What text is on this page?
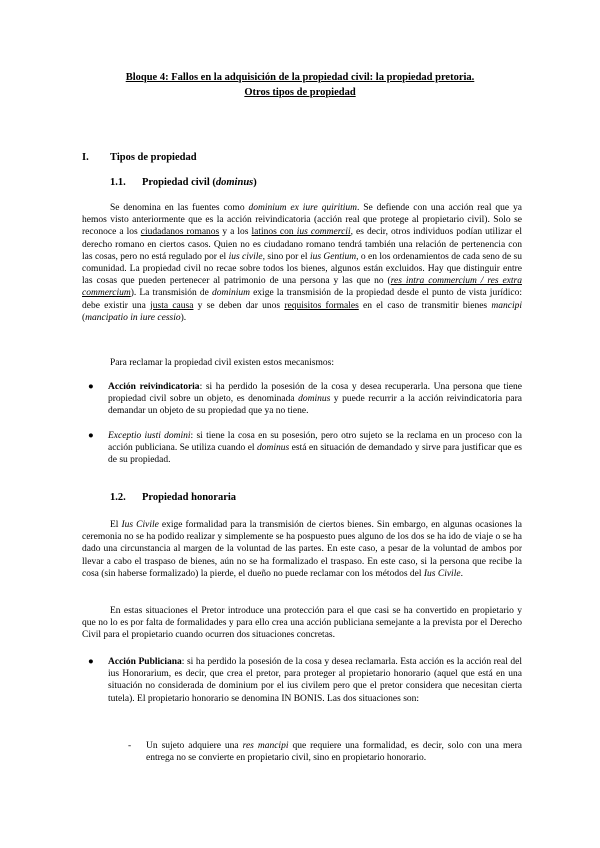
Bloque 4: Fallos en la adquisición de la propiedad civil: la propiedad pretoria.
Otros tipos de propiedad
I. Tipos de propiedad
1.1. Propiedad civil (dominus)
Se denomina en las fuentes como dominium ex iure quiritium. Se defiende con una acción real que ya hemos visto anteriormente que es la acción reivindicatoria (acción real que protege al propietario civil). Solo se reconoce a los ciudadanos romanos y a los latinos con ius commercii, es decir, otros individuos podían utilizar el derecho romano en ciertos casos. Quien no es ciudadano romano tendrá también una relación de pertenencia con las cosas, pero no está regulado por el ius civile, sino por el ius Gentium, o en los ordenamientos de cada seno de su comunidad. La propiedad civil no recae sobre todos los bienes, algunos están excluidos. Hay que distinguir entre las cosas que pueden pertenecer al patrimonio de una persona y las que no (res intra commercium / res extra commercium). La transmisión de dominium exige la transmisión de la propiedad desde el punto de vista jurídico: debe existir una justa causa y se deben dar unos requisitos formales en el caso de transmitir bienes mancipi (mancipatio in iure cessio).
Para reclamar la propiedad civil existen estos mecanismos:
● Acción reivindicatoria: si ha perdido la posesión de la cosa y desea recuperarla. Una persona que tiene propiedad civil sobre un objeto, es denominada dominus y puede recurrir a la acción reivindicatoria para demandar un objeto de su propiedad que ya no tiene.
● Exceptio iusti domini: si tiene la cosa en su posesión, pero otro sujeto se la reclama en un proceso con la acción publiciana. Se utiliza cuando el dominus está en situación de demandado y sirve para justificar que es de su propiedad.
1.2. Propiedad honoraria
El Ius Civile exige formalidad para la transmisión de ciertos bienes. Sin embargo, en algunas ocasiones la ceremonia no se ha podido realizar y simplemente se ha pospuesto pues alguno de los dos se ha ido de viaje o se ha dado una circunstancia al margen de la voluntad de las partes. En este caso, a pesar de la voluntad de ambos por llevar a cabo el traspaso de bienes, aún no se ha formalizado el traspaso. En este caso, si la persona que recibe la cosa (sin haberse formalizado) la pierde, el dueño no puede reclamar con los métodos del Ius Civile.
En estas situaciones el Pretor introduce una protección para el que casi se ha convertido en propietario y que no lo es por falta de formalidades y para ello crea una acción publiciana semejante a la prevista por el Derecho Civil para el propietario cuando ocurren dos situaciones concretas.
● Acción Publiciana: si ha perdido la posesión de la cosa y desea reclamarla. Esta acción es la acción real del ius Honorarium, es decir, que crea el pretor, para proteger al propietario honorario (aquel que está en una situación no considerada de dominium por el ius civilem pero que el pretor considera que necesitan cierta tutela). El propietario honorario se denomina IN BONIS. Las dos situaciones son:
- Un sujeto adquiere una res mancipi que requiere una formalidad, es decir, solo con una mera entrega no se convierte en propietario civil, sino en propietario honorario.
